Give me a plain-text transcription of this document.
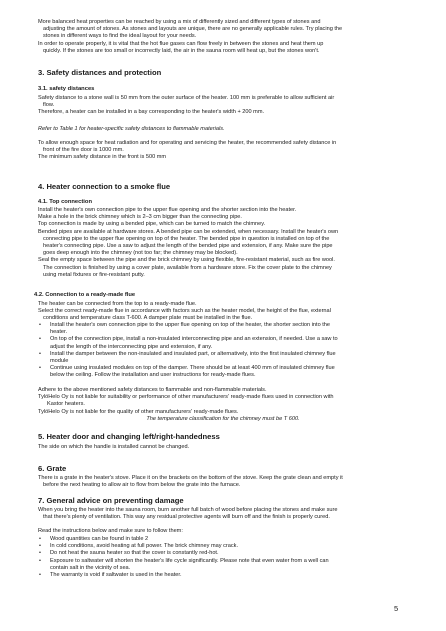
More balanced heat properties can be reached by using a mix of differently sized and different types of stones and

adjusting the amount of stones. As stones and layouts are unique, there are no generally applicable rules. Try placing the

stones in different ways to find the ideal layout for your needs.

In order to operate properly, it is vital that the hot flue gases can flow freely in between the stones and heat them up

quickly. If the stones are too small or incorrectly laid, the air in the sauna room will heat up, but the stones won't.

3. Safety distances and protection
3.1. safety distances

Safety distance to a stone wall is 50 mm from the outer surface of the heater. 100 mm is preferable to allow sufficient air

flow.

Therefore, a heater can be installed in a bay corresponding to the heater's width + 200 mm.

Refer to Table 1 for heater-specific safety distances to flammable materials.

To allow enough space for heat radiation and for operating and servicing the heater, the recommended safety distance in

front of the fire door is 1000 mm.

The minimum safety distance in the front is 500 mm

4. Heater connection to a smoke flue
4.1. Top connection

Install the heater's own connection pipe to the upper flue opening and the shorter section into the heater.

Make a hole in the brick chimney which is 2–3 cm bigger than the connecting pipe.

Top connection is made by using a bended pipe, which can be turned to match the chimney.

Bended pipes are available at hardware stores. A bended pipe can be extended, when necessary. Install the heater's own

connecting pipe to the upper flue opening on top of the heater. The bended pipe in question is installed on top of the

heater's connecting pipe. Use a saw to adjust the length of the bended pipe and extension, if any. Make sure the pipe

goes deep enough into the chimney (not too far; the chimney may be blocked).

Seal the empty space between the pipe and the brick chimney by using flexible, fire-resistant material, such as fire wool.

The connection is finished by using a cover plate, available from a hardware store. Fix the cover plate to the chimney

using metal fixtures or fire-resistant putty.

4.2. Connection to a ready-made flue

The heater can be connected from the top to a ready-made flue.

Select the correct ready-made flue in accordance with factors such as the heater model, the height of the flue, external

conditions and temperature class T-600. A damper plate must be installed in the flue.

• Install the heater's own connection pipe to the upper flue opening on top of the heater, the shorter section into the

heater.

• On top of the connection pipe, install a non-insulated interconnecting pipe and an extension, if needed. Use a saw to

adjust the length of the interconnecting pipe and extension, if any.

• Install the damper between the non-insulated and insulated part, or alternatively, into the first insulated chimney flue

module

• Continue using insulated modules on top of the damper. There should be at least 400 mm of insulated chimney flue

below the ceiling. Follow the installation and user instructions for ready-made flues.

Adhere to the above mentioned safety distances to flammable and non-flammable materials.

TylöHelo Oy is not liable for suitability or performance of other manufacturers' ready-made flues used in connection with

Kastor heaters.

TylöHelo Oy is not liable for the quality of other manufacturers' ready-made flues.

The temperature classification for the chimney must be T 600.

5. Heater door and changing left/right-handedness
The side on which the handle is installed cannot be changed.
6. Grate

There is a grate in the heater's stove. Place it on the brackets on the bottom of the stove. Keep the grate clean and empty it

before the next heating to allow air to flow from below the grate into the furnace.

7. General advice on preventing damage

When you bring the heater into the sauna room, burn another full batch of wood before placing the stones and make sure

that there's plenty of ventilation. This way any residual protective agents will burn off and the finish is properly cured.

Read the instructions below and make sure to follow them:

• Wood quantities can be found in table 2

• In cold conditions, avoid heating at full power. The brick chimney may crack.

• Do not heat the sauna heater so that the cover is constantly red-hot.

• Exposure to saltwater will shorten the heater's life cycle significantly. Please note that even water from a well can

contain salt in the vicinity of sea.

• The warranty is void if saltwater is used in the heater.

5
